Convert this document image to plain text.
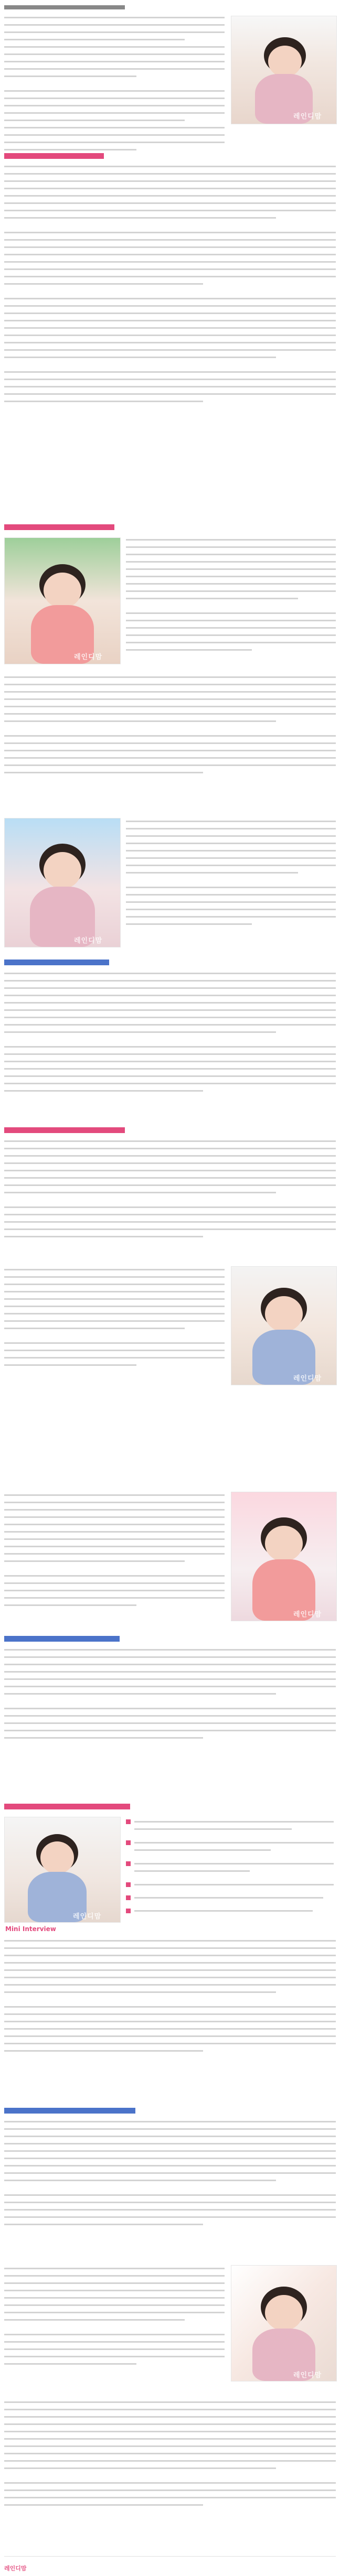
레인디맘
레인디맘
레인디맘
레인디맘
레인디맘
레인디맘
Mini Interview
레인디맘
레인디맘
